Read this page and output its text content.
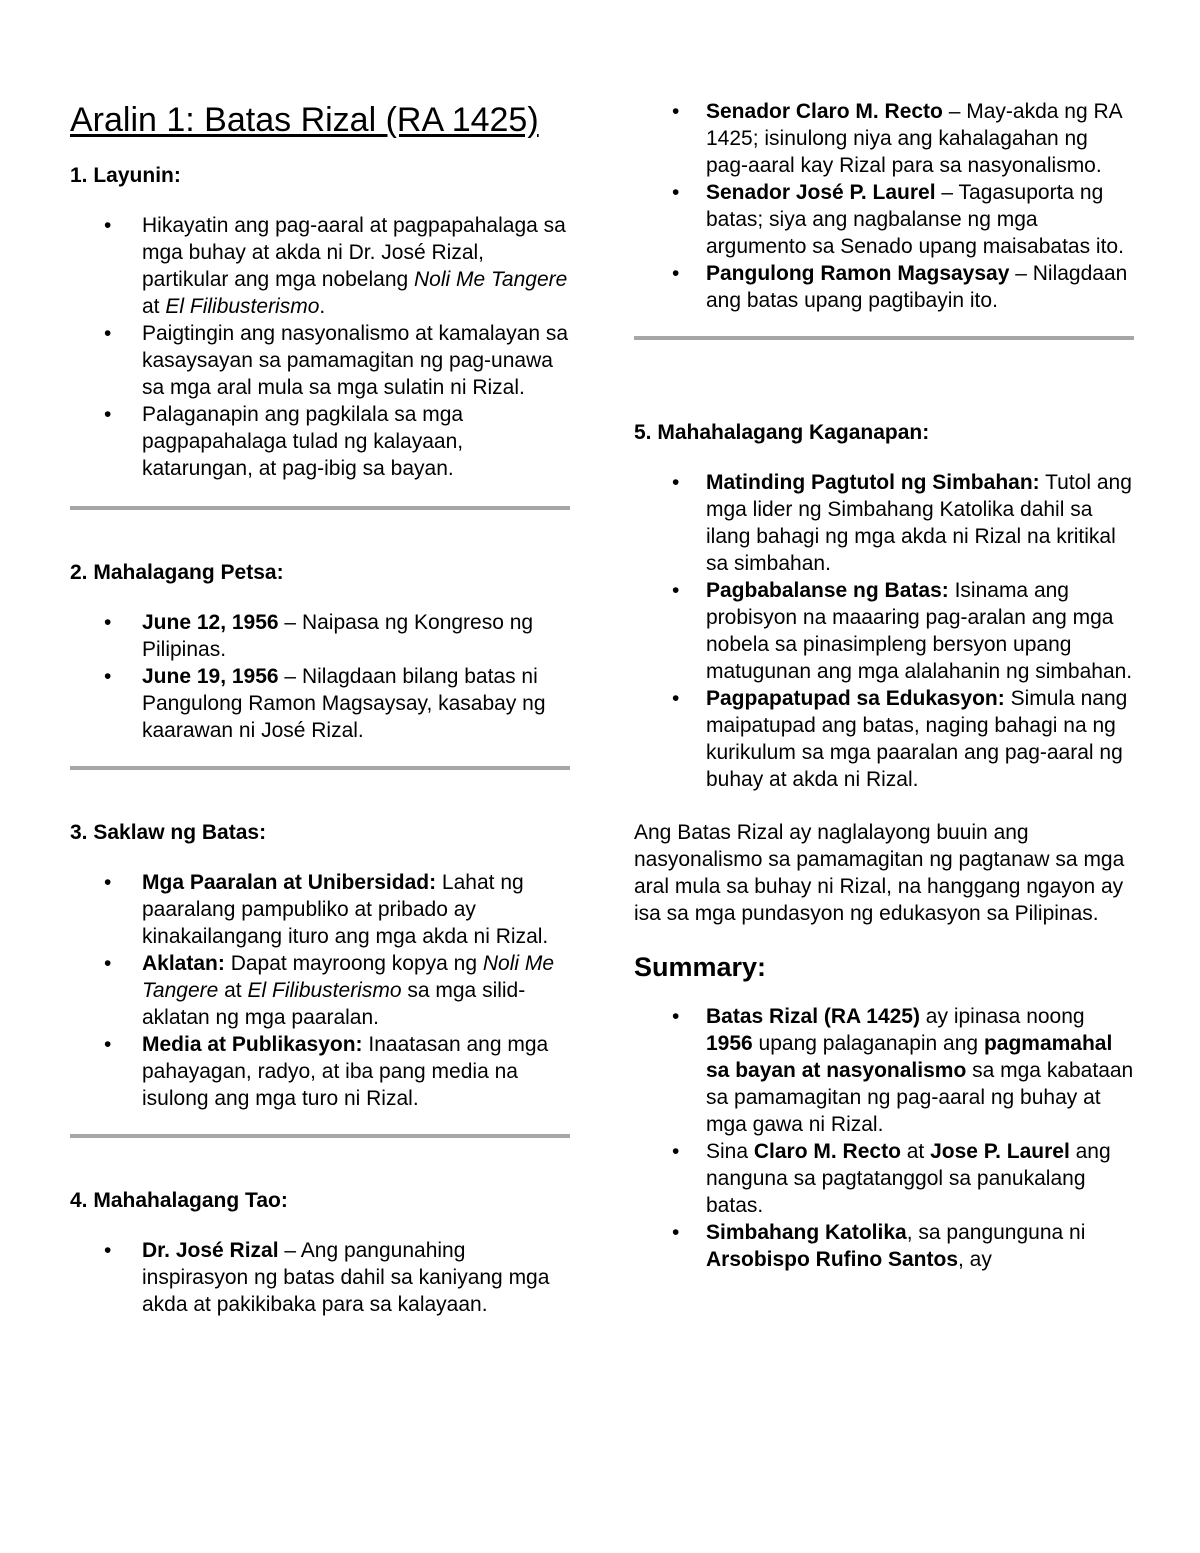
Aralin 1: Batas Rizal (RA 1425)

1. Layunin:

• Hikayatin ang pag-aaral at pagpapahalaga sa mga buhay at akda ni Dr. José Rizal, partikular ang mga nobelang Noli Me Tangere at El Filibusterismo.
• Paigtingin ang nasyonalismo at kamalayan sa kasaysayan sa pamamagitan ng pag-unawa sa mga aral mula sa mga sulatin ni Rizal.
• Palaganapin ang pagkilala sa mga pagpapahalaga tulad ng kalayaan, katarungan, at pag-ibig sa bayan.

2. Mahalagang Petsa:

• June 12, 1956 – Naipasa ng Kongreso ng Pilipinas.
• June 19, 1956 – Nilagdaan bilang batas ni Pangulong Ramon Magsaysay, kasabay ng kaarawan ni José Rizal.

3. Saklaw ng Batas:

• Mga Paaralan at Unibersidad: Lahat ng paaralang pampubliko at pribado ay kinakailangang ituro ang mga akda ni Rizal.
• Aklatan: Dapat mayroong kopya ng Noli Me Tangere at El Filibusterismo sa mga silid-aklatan ng mga paaralan.
• Media at Publikasyon: Inaatasan ang mga pahayagan, radyo, at iba pang media na isulong ang mga turo ni Rizal.

4. Mahahalagang Tao:

• Dr. José Rizal – Ang pangunahing inspirasyon ng batas dahil sa kaniyang mga akda at pakikibaka para sa kalayaan.
• Senador Claro M. Recto – May-akda ng RA 1425; isinulong niya ang kahalagahan ng pag-aaral kay Rizal para sa nasyonalismo.
• Senador José P. Laurel – Tagasuporta ng batas; siya ang nagbalanse ng mga argumento sa Senado upang maisabatas ito.
• Pangulong Ramon Magsaysay – Nilagdaan ang batas upang pagtibayin ito.

5. Mahahalagang Kaganapan:

• Matinding Pagtutol ng Simbahan: Tutol ang mga lider ng Simbahang Katolika dahil sa ilang bahagi ng mga akda ni Rizal na kritikal sa simbahan.
• Pagbabalanse ng Batas: Isinama ang probisyon na maaaring pag-aralan ang mga nobela sa pinasimpleng bersyon upang matugunan ang mga alalahanin ng simbahan.
• Pagpapatupad sa Edukasyon: Simula nang maipatupad ang batas, naging bahagi na ng kurikulum sa mga paaralan ang pag-aaral ng buhay at akda ni Rizal.

Ang Batas Rizal ay naglalayong buuin ang nasyonalismo sa pamamagitan ng pagtanaw sa mga aral mula sa buhay ni Rizal, na hanggang ngayon ay isa sa mga pundasyon ng edukasyon sa Pilipinas.

Summary:
• Batas Rizal (RA 1425) ay ipinasa noong 1956 upang palaganapin ang pagmamahal sa bayan at nasyonalismo sa mga kabataan sa pamamagitan ng pag-aaral ng buhay at mga gawa ni Rizal.
• Sina Claro M. Recto at Jose P. Laurel ang nanguna sa pagtatanggol sa panukalang batas.
• Simbahang Katolika, sa pangunguna ni Arsobispo Rufino Santos, ay
